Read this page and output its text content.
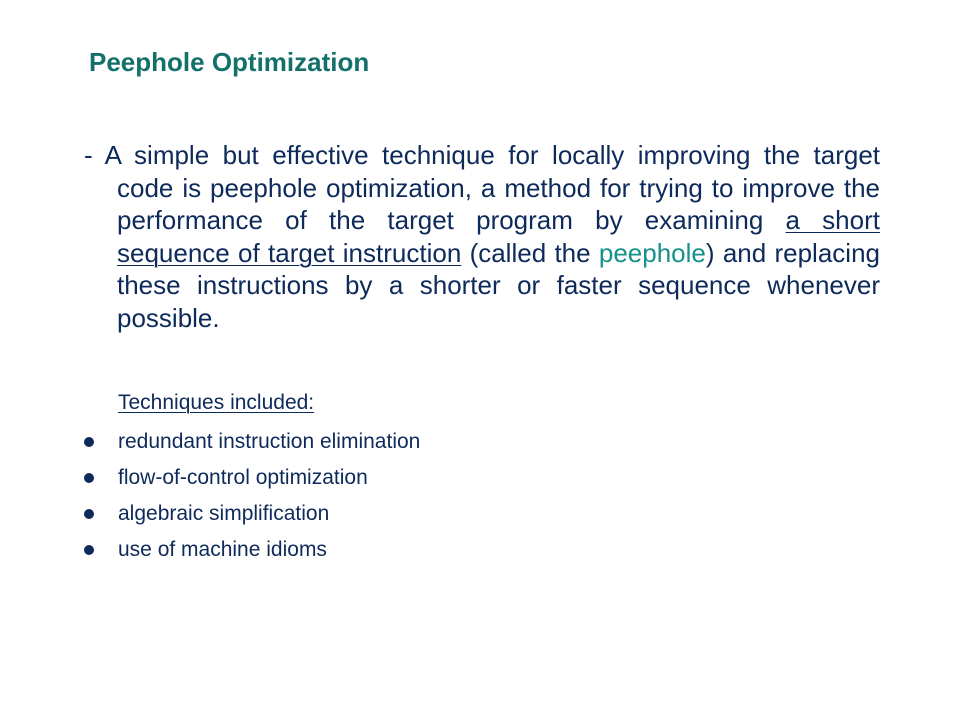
Peephole Optimization

- A simple but effective technique for locally improving the target code is peephole optimization, a method for trying to improve the performance of the target program by examining a short sequence of target instruction (called the peephole) and replacing these instructions by a shorter or faster sequence whenever possible.

Techniques included:
redundant instruction elimination
flow-of-control optimization
algebraic simplification
use of machine idioms
